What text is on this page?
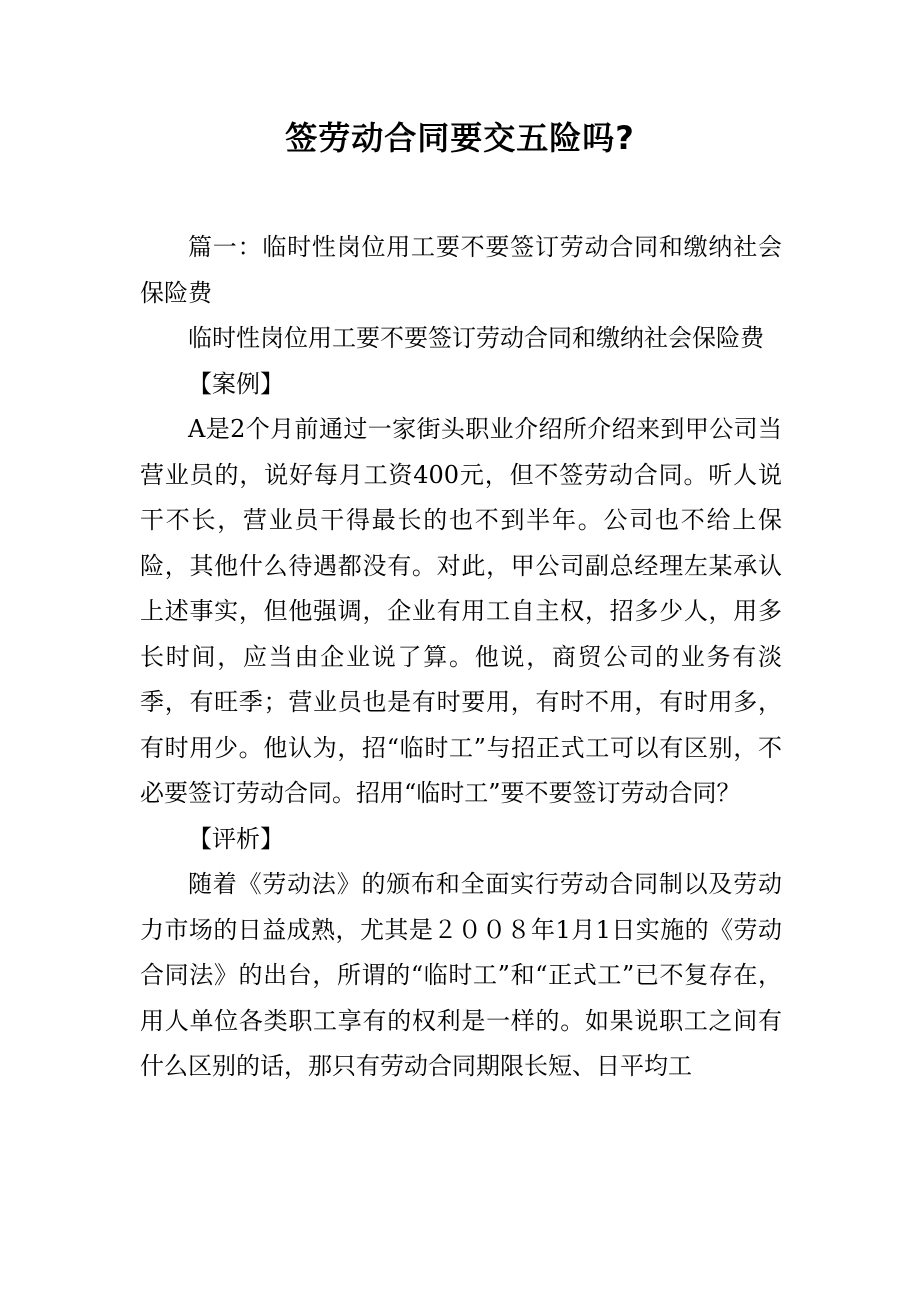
签劳动合同要交五险吗?

篇一：临时性岗位用工要不要签订劳动合同和缴纳社会保险费

临时性岗位用工要不要签订劳动合同和缴纳社会保险费

【案例】

A是2个月前通过一家街头职业介绍所介绍来到甲公司当营业员的，说好每月工资400元，但不签劳动合同。听人说干不长，营业员干得最长的也不到半年。公司也不给上保险，其他什么待遇都没有。对此，甲公司副总经理左某承认上述事实，但他强调，企业有用工自主权，招多少人，用多长时间，应当由企业说了算。他说，商贸公司的业务有淡季，有旺季；营业员也是有时要用，有时不用，有时用多，有时用少。他认为，招“临时工”与招正式工可以有区别，不必要签订劳动合同。招用“临时工”要不要签订劳动合同？

【评析】

随着《劳动法》的颁布和全面实行劳动合同制以及劳动力市场的日益成熟，尤其是２００８年1月1日实施的《劳动合同法》的出台，所谓的“临时工”和“正式工”已不复存在，用人单位各类职工享有的权利是一样的。如果说职工之间有什么区别的话，那只有劳动合同期限长短、日平均工
